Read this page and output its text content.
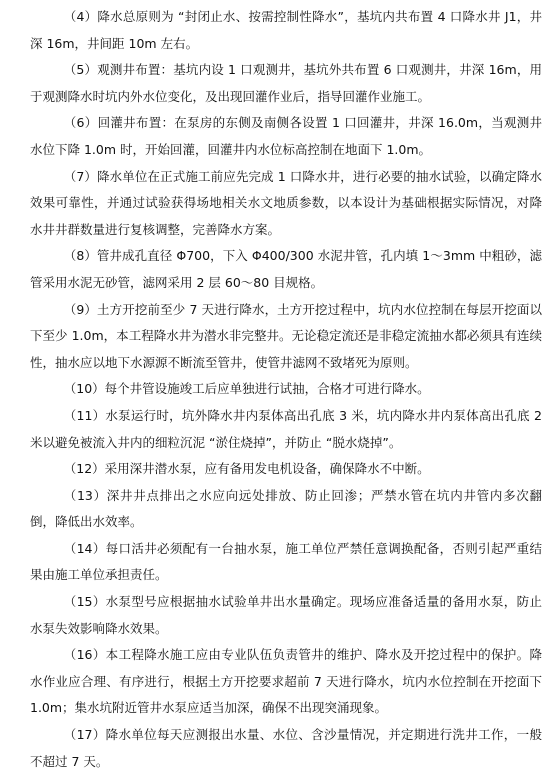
（4）降水总原则为 “封闭止水、按需控制性降水”，基坑内共布置 4 口降水井 J1，井深 16m，井间距 10m 左右。

（5）观测井布置：基坑内设 1 口观测井，基坑外共布置 6 口观测井，井深 16m，用于观测降水时坑内外水位变化，及出现回灌作业后，指导回灌作业施工。

（6）回灌井布置：在泵房的东侧及南侧各设置 1 口回灌井，井深 16.0m，当观测井水位下降 1.0m 时，开始回灌，回灌井内水位标高控制在地面下 1.0m。

（7）降水单位在正式施工前应先完成 1 口降水井，进行必要的抽水试验，以确定降水效果可靠性，并通过试验获得场地相关水文地质参数，以本设计为基础根据实际情况，对降水井井群数量进行复核调整，完善降水方案。

（8）管井成孔直径 Φ700，下入 Φ400/300 水泥井管，孔内填 1～3mm 中粗砂，滤管采用水泥无砂管，滤网采用 2 层 60～80 目规格。

（9）土方开挖前至少 7 天进行降水，土方开挖过程中，坑内水位控制在每层开挖面以下至少 1.0m，本工程降水井为潜水非完整井。无论稳定流还是非稳定流抽水都必须具有连续性，抽水应以地下水源源不断流至管井，使管井滤网不致堵死为原则。

（10）每个井管设施竣工后应单独进行试抽，合格才可进行降水。

（11）水泵运行时，坑外降水井内泵体高出孔底 3 米，坑内降水井内泵体高出孔底 2 米以避免被流入井内的细粒沉泥 “淤住烧掉”，并防止 “脱水烧掉”。

（12）采用深井潜水泵，应有备用发电机设备，确保降水不中断。

（13）深井井点排出之水应向远处排放、防止回渗；严禁水管在坑内井管内多次翻倒，降低出水效率。

（14）每口活井必须配有一台抽水泵，施工单位严禁任意调换配备，否则引起严重结果由施工单位承担责任。

（15）水泵型号应根据抽水试验单井出水量确定。现场应准备适量的备用水泵，防止水泵失效影响降水效果。

（16）本工程降水施工应由专业队伍负责管井的维护、降水及开挖过程中的保护。降水作业应合理、有序进行，根据土方开挖要求超前 7 天进行降水，坑内水位控制在开挖面下 1.0m；集水坑附近管井水泵应适当加深，确保不出现突涌现象。

（17）降水单位每天应测报出水量、水位、含沙量情况，并定期进行洗井工作，一般不超过 7 天。
